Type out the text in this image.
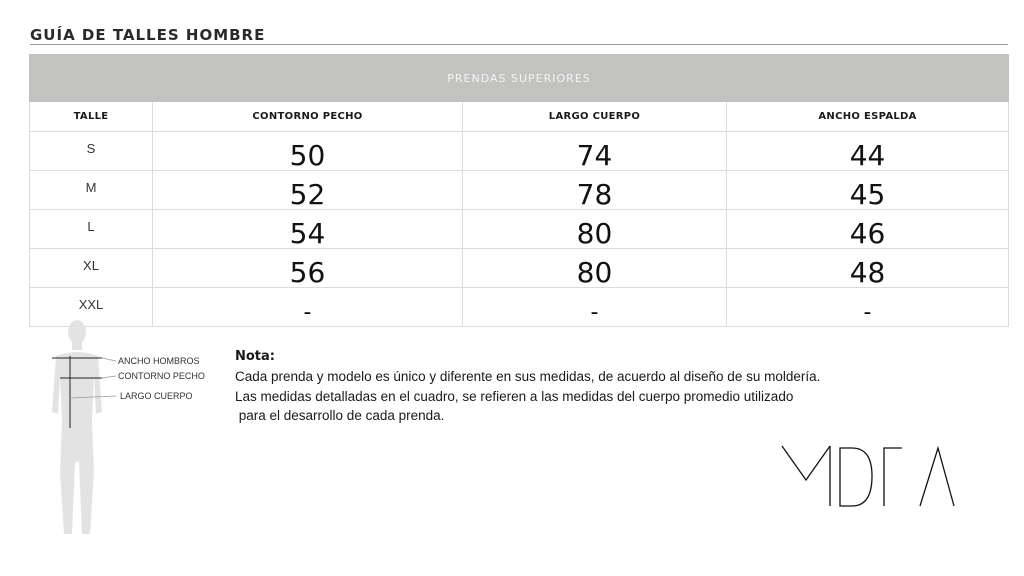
GUÍA DE TALLES HOMBRE
PRENDAS SUPERIORES			
TALLE	CONTORNO PECHO	LARGO CUERPO	ANCHO ESPALDA
S	50	74	44
M	52	78	45
L	54	80	46
XL	56	80	48
XXL	-	-	-
ANCHO HOMBROS
CONTORNO PECHO
LARGO CUERPO

Nota:

Cada prenda y modelo es único y diferente en sus medidas, de acuerdo al diseño de su moldería.

Las medidas detalladas en el cuadro, se refieren a las medidas del cuerpo promedio utilizado

para el desarrollo de cada prenda.

MDRA
